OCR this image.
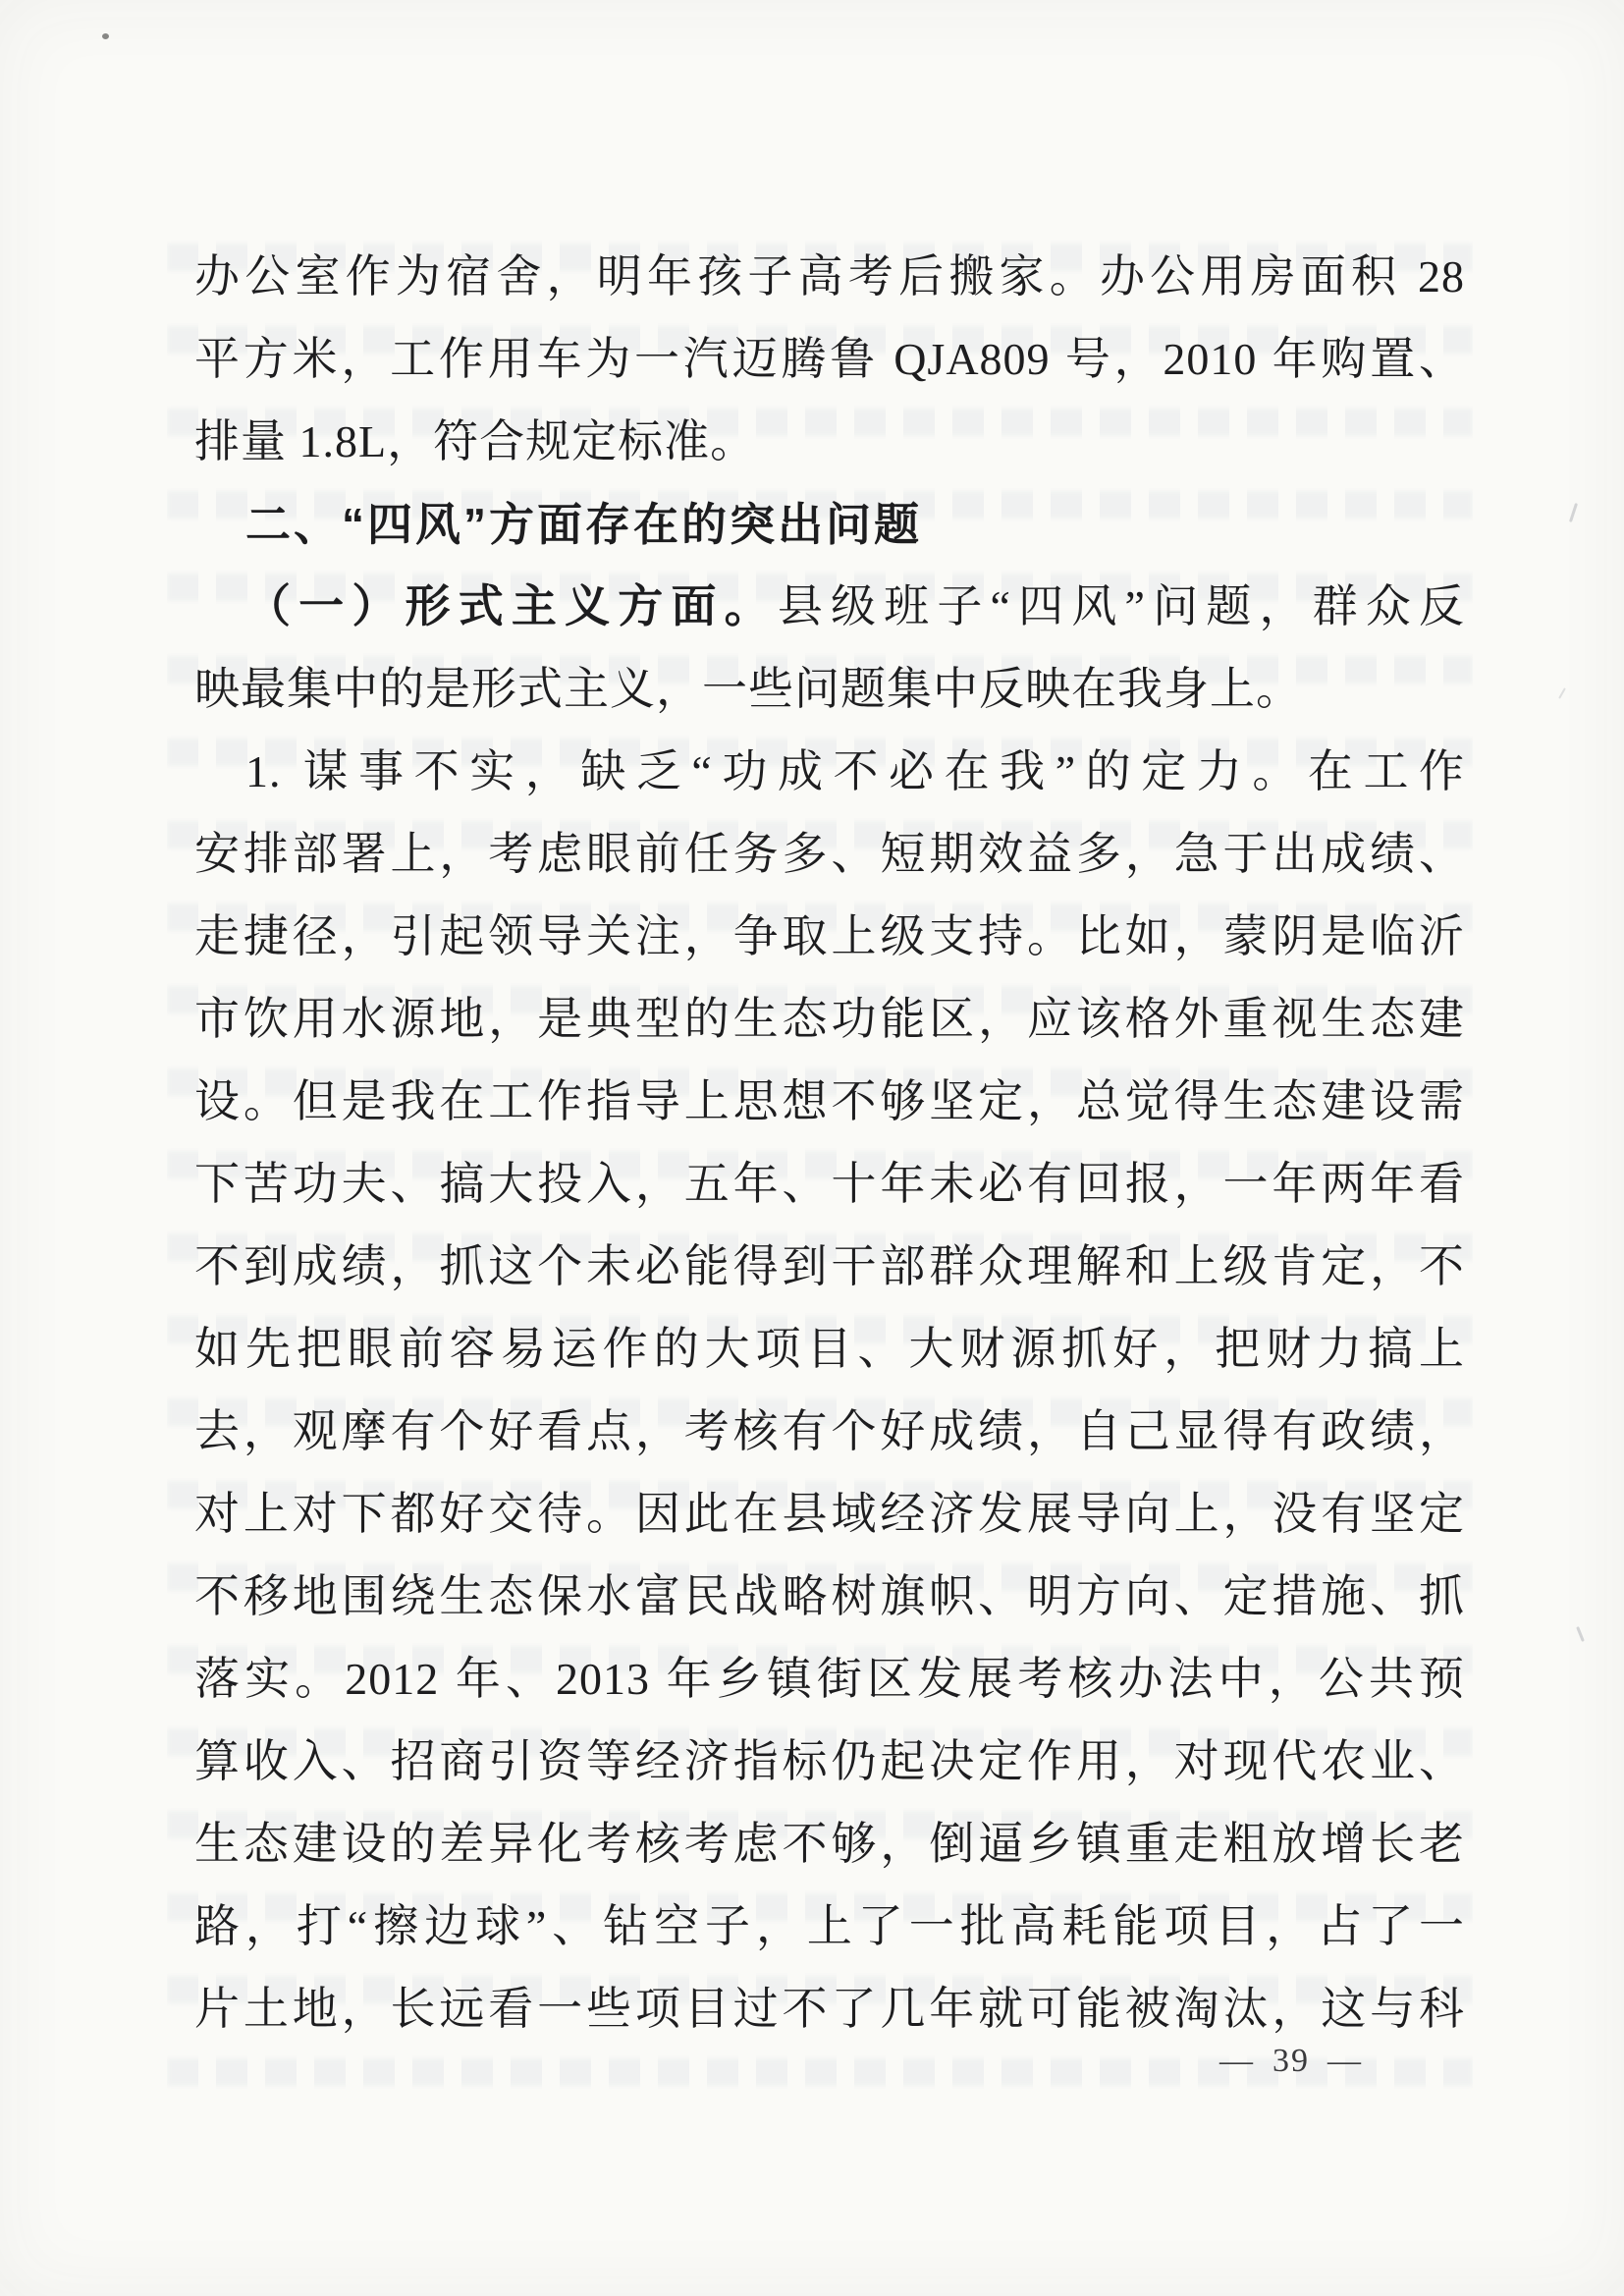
办公室作为宿舍，明年孩子高考后搬家。办公用房面积 28
平方米，工作用车为一汽迈腾鲁 QJA809 号，2010 年购置、
排量 1.8L，符合规定标准。
二、“四风”方面存在的突出问题
（一）形式主义方面。县级班子“四风”问题，群众反
映最集中的是形式主义，一些问题集中反映在我身上。
1. 谋事不实，缺乏“功成不必在我”的定力。在工作
安排部署上，考虑眼前任务多、短期效益多，急于出成绩、
走捷径，引起领导关注，争取上级支持。比如，蒙阴是临沂
市饮用水源地，是典型的生态功能区，应该格外重视生态建
设。但是我在工作指导上思想不够坚定，总觉得生态建设需
下苦功夫、搞大投入，五年、十年未必有回报，一年两年看
不到成绩，抓这个未必能得到干部群众理解和上级肯定，不
如先把眼前容易运作的大项目、大财源抓好，把财力搞上
去，观摩有个好看点，考核有个好成绩，自己显得有政绩，
对上对下都好交待。因此在县域经济发展导向上，没有坚定
不移地围绕生态保水富民战略树旗帜、明方向、定措施、抓
落实。2012 年、2013 年乡镇街区发展考核办法中，公共预
算收入、招商引资等经济指标仍起决定作用，对现代农业、
生态建设的差异化考核考虑不够，倒逼乡镇重走粗放增长老
路，打“擦边球”、钻空子，上了一批高耗能项目，占了一
片土地，长远看一些项目过不了几年就可能被淘汰，这与科
— 39 —
